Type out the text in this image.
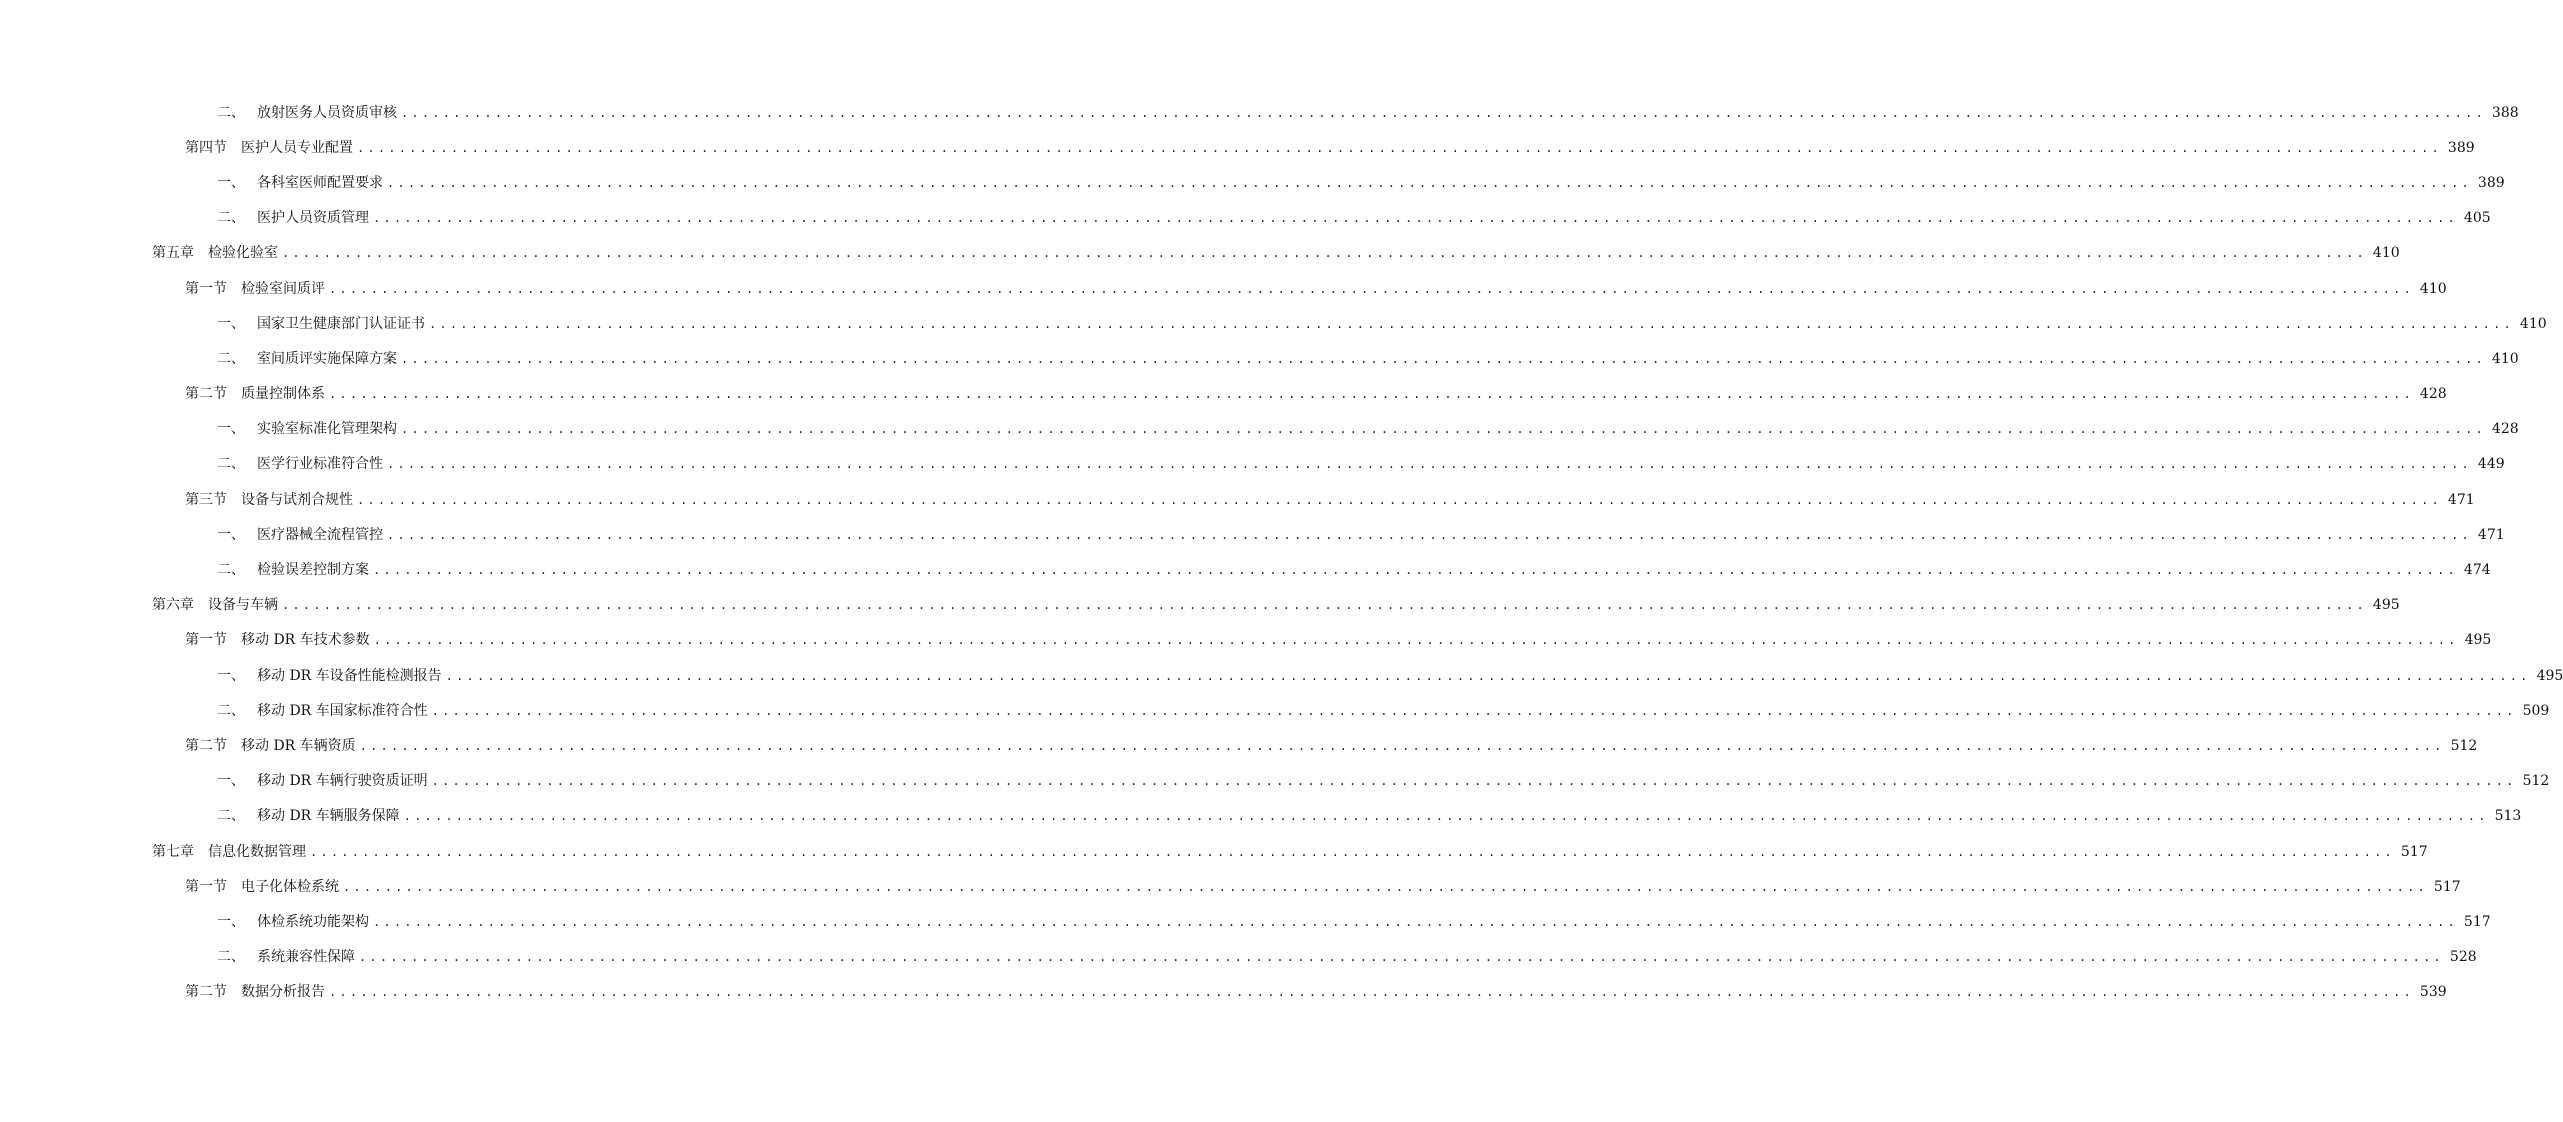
二、 放射医务人员资质审核 ........................................................................................................................................................................................................ 388
第四节 医护人员专业配置 ........................................................................................................................................................................................................ 389
一、 各科室医师配置要求 ........................................................................................................................................................................................................ 389
二、 医护人员资质管理 ........................................................................................................................................................................................................ 405
第五章 检验化验室 ........................................................................................................................................................................................................ 410
第一节 检验室间质评 ........................................................................................................................................................................................................ 410
一、 国家卫生健康部门认证证书 ........................................................................................................................................................................................................ 410
二、 室间质评实施保障方案 ........................................................................................................................................................................................................ 410
第二节 质量控制体系 ........................................................................................................................................................................................................ 428
一、 实验室标准化管理架构 ........................................................................................................................................................................................................ 428
二、 医学行业标准符合性 ........................................................................................................................................................................................................ 449
第三节 设备与试剂合规性 ........................................................................................................................................................................................................ 471
一、 医疗器械全流程管控 ........................................................................................................................................................................................................ 471
二、 检验误差控制方案 ........................................................................................................................................................................................................ 474
第六章 设备与车辆 ........................................................................................................................................................................................................ 495
第一节 移动 DR 车技术参数 ........................................................................................................................................................................................................ 495
一、 移动 DR 车设备性能检测报告 ........................................................................................................................................................................................................ 495
二、 移动 DR 车国家标准符合性 ........................................................................................................................................................................................................ 509
第二节 移动 DR 车辆资质 ........................................................................................................................................................................................................ 512
一、 移动 DR 车辆行驶资质证明 ........................................................................................................................................................................................................ 512
二、 移动 DR 车辆服务保障 ........................................................................................................................................................................................................ 513
第七章 信息化数据管理 ........................................................................................................................................................................................................ 517
第一节 电子化体检系统 ........................................................................................................................................................................................................ 517
一、 体检系统功能架构 ........................................................................................................................................................................................................ 517
二、 系统兼容性保障 ........................................................................................................................................................................................................ 528
第二节 数据分析报告 ........................................................................................................................................................................................................ 539
